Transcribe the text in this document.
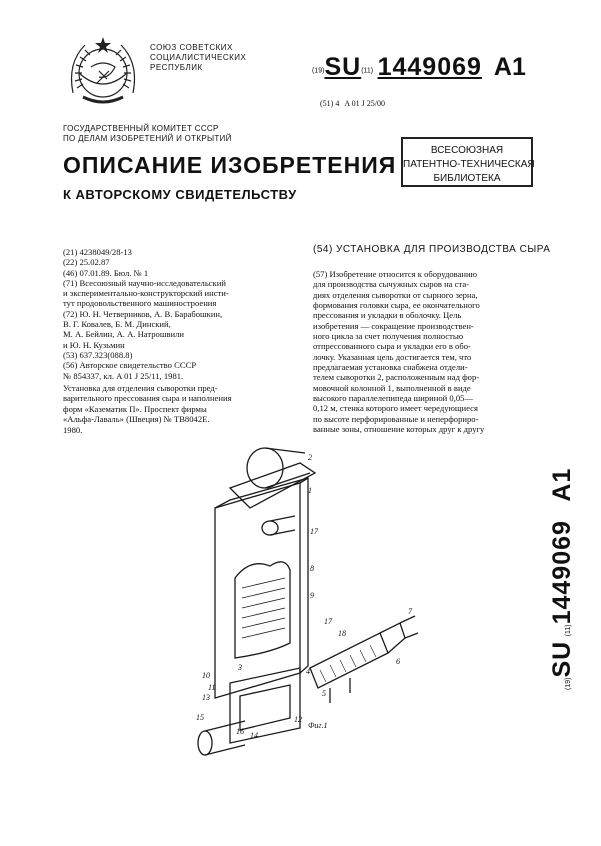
СОЮЗ СОВЕТСКИХ
СОЦИАЛИСТИЧЕСКИХ
РЕСПУБЛИК	(19)SU(11) 1449069 A1
(51) 4 A 01 J 25/00
ГОСУДАРСТВЕННЫЙ КОМИТЕТ СССР
ПО ДЕЛАМ ИЗОБРЕТЕНИЙ И ОТКРЫТИЙ
ВСЕСОЮЗНАЯ
ПАТЕНТНО-ТЕХНИЧЕСКАЯ
БИБЛИОТЕКА
ОПИСАНИЕ ИЗОБРЕТЕНИЯ
К АВТОРСКОМУ СВИДЕТЕЛЬСТВУ
(21) 4238049/28-13
(22) 25.02.87
(46) 07.01.89. Бюл. № 1
(71) Всесоюзный научно-исследовательский
и экспериментально-конструкторский инсти-
тут продовольственного машиностроения
(72) Ю. Н. Четверников, А. В. Барабошкин,
В. Г. Ковалев, Б. М. Динский,
М. А. Бейлин, А. А. Натрошвили
и Ю. Н. Кузьмин
(53) 637.323(088.8)
(56) Авторское свидетельство СССР
№ 854337, кл. A 01 J 25/11, 1981.
Установка для отделения сыворотки пред-
варительного прессования сыра и наполнения
форм «Казематик П». Проспект фирмы
«Альфа-Лаваль» (Швеция) № ТВ8042Е.
1980.
(54) УСТАНОВКА ДЛЯ ПРОИЗВОДСТВА СЫРА
(57) Изобретение относится к оборудованию
для производства сычужных сыров на ста-
диях отделения сыворотки от сырного зерна,
формования головки сыра, ее окончательного
прессования и укладки в оболочку. Цель
изобретения — сокращение производствен-
ного цикла за счет получения полностью
отпрессованного сыра и укладки его в обо-
лочку. Указанная цель достигается тем, что
предлагаемая установка снабжена отдели-
телем сыворотки 2, расположенным над фор-
мовочной колонной 1, выполненной в виде
высокого параллелепипеда шириной 0,05—
0,12 м, стенка которого имеет чередующиеся
по высоте перфорированные и неперфориро-
ванные зоны, отношение которых друг к другу
(19)SU (11)1449069 A1
2
1
17
8
9
3
10
11
13
15
14
16
12
4
5
6
7
17
18
Фиг.1
